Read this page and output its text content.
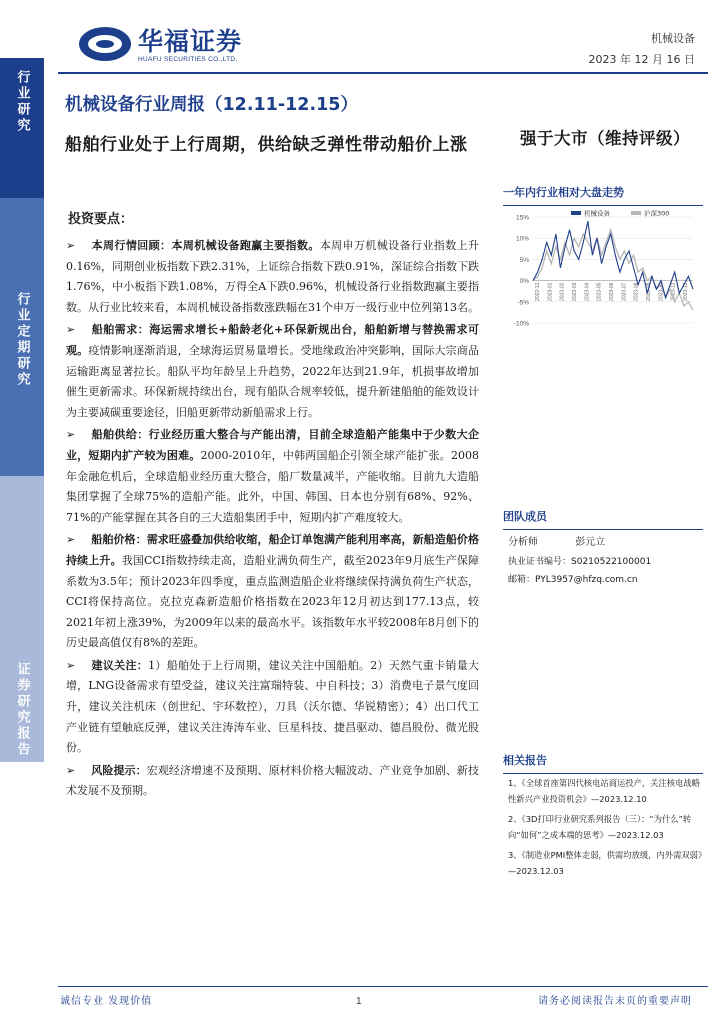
华福证券
HUAFU SECURITIES CO.,LTD.
机械设备
2023 年 12 月 16 日
行业研究
行业定期研究
证券研究报告
机械设备行业周报（12.11-12.15）
船舶行业处于上行周期，供给缺乏弹性带动船价上涨	强于大市（维持评级）
投资要点：
➢ 本周行情回顾：本周机械设备跑赢主要指数。本周申万机械设备行业指数上升0.16%，同期创业板指数下跌2.31%，上证综合指数下跌0.91%，深证综合指数下跌1.76%，中小板指下跌1.08%，万得全A下跌0.96%，机械设备行业指数跑赢主要指数。从行业比较来看，本周机械设备指数涨跌幅在31个申万一级行业中位列第13名。
➢ 船舶需求：海运需求增长+船龄老化+环保新规出台，船舶新增与替换需求可观。疫情影响逐渐消退，全球海运贸易量增长。受地缘政治冲突影响，国际大宗商品运输距离显著拉长。船队平均年龄呈上升趋势，2022年达到21.9年，机损事故增加催生更新需求。环保新规持续出台，现有船队合规率较低，提升新建船舶的能效设计为主要减碳重要途径，旧船更新带动新船需求上行。
➢ 船舶供给：行业经历重大整合与产能出清，目前全球造船产能集中于少数大企业，短期内扩产较为困难。2000-2010年，中韩两国船企引领全球产能扩张。2008年金融危机后，全球造船业经历重大整合，船厂数量减半，产能收缩。目前九大造船集团掌握了全球75%的造船产能。此外，中国、韩国、日本也分别有68%、92%、71%的产能掌握在其各自的三大造船集团手中，短期内扩产难度较大。
➢ 船舶价格：需求旺盛叠加供给收缩，船企订单饱满产能利用率高，新船造船价格持续上升。我国CCI指数持续走高，造船业满负荷生产，截至2023年9月底生产保障系数为3.5年；预计2023年四季度，重点监测造船企业将继续保持满负荷生产状态，CCI将保持高位。克拉克森新造船价格指数在2023年12月初达到177.13点，较2021年初上涨39%，为2009年以来的最高水平。该指数年水平较2008年8月创下的历史最高值仅有8%的差距。
➢ 建议关注：1）船舶处于上行周期，建议关注中国船舶。2）天然气重卡销量大增，LNG设备需求有望受益，建议关注富瑞特装、中自科技；3）消费电子景气度回升，建议关注机床（创世纪、宇环数控），刀具（沃尔德、华锐精密）；4）出口代工产业链有望触底反弹，建议关注涛涛车业、巨星科技、捷昌驱动、德昌股份、微光股份。
➢ 风险提示：宏观经济增速不及预期、原材料价格大幅波动、产业竞争加剧、新技术发展不及预期。
一年内行业相对大盘走势
15%
10%
5%
0%
-5%
-10%
2022-12 2023-01 2023-02 2023-03 2023-04 2023-05 2023-06 2023-07 2023-08 2023-09 2023-10 2023-11 2023-12
机械设备	沪深300
团队成员
分析师	彭元立
执业证书编号：S0210522100001
邮箱：PYL3957@hfzq.com.cn
相关报告
1、《全球首座第四代核电站商运投产，关注核电战略性新兴产业投资机会》—2023.12.10
2、《3D打印行业研究系列报告（三）：“为什么”转向“如何”之成本端的思考》—2023.12.03
3、《制造业PMI整体走弱，供需均放缓，内外需双弱》—2023.12.03
诚信专业 发现价值	1	请务必阅读报告末页的重要声明
